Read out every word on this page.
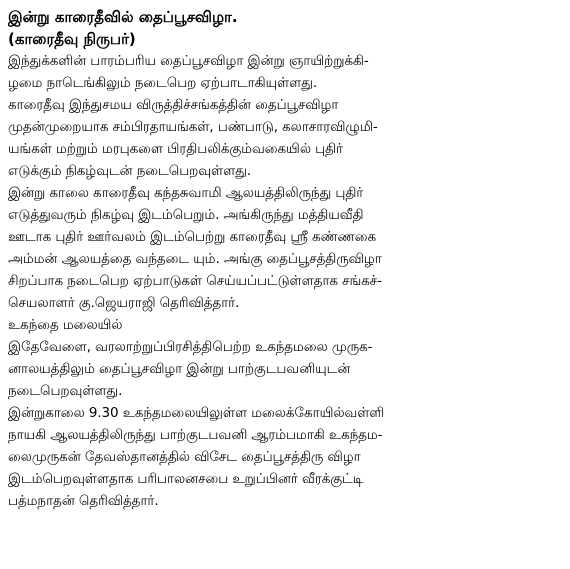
இன்று காரைதீவில் தைப்பூசவிழா.
(காரைதீவு நிருபர்)
இந்துக்களின் பாரம்பரிய தைப்பூசவிழா இன்று ஞாயிற்றுக்கி-
ழமை நாடெங்கிலும் நடைபெற ஏற்பாடாகியுள்ளது.
காரைதீவு இந்துசமய விருத்திச்சங்கத்தின் தைப்பூசவிழா
முதன்முறையாக சம்பிரதாயங்கள், பண்பாடு, கலாசாரவிழுமி-
யங்கள் மற்றும் மரபுகளை பிரதிபலிக்கும்வகையில் புதிர்
எடுக்கும் நிகழ்வுடன் நடைபெறவுள்ளது.
இன்று காலை காரைதீவு கந்தசுவாமி ஆலயத்திலிருந்து புதிர்
எடுத்துவரும் நிகழ்வு இடம்பெறும். அங்கிருந்து மத்தியவீதி
ஊடாக புதிர் ஊர்வலம் இடம்பெற்று காரைதீவு ஸ்ரீ கண்ணகை
அம்மன் ஆலயத்தை வந்தடை யும். அங்கு தைப்பூசத்திருவிழா
சிறப்பாக நடைபெற ஏற்பாடுகள் செய்யப்பட்டுள்ளதாக சங்கச்-
செயலாளர் கு.ஜெயராஜி தெரிவித்தார்.
உகந்தை மலையில்
இதேவேளை, வரலாற்றுப்பிரசித்திபெற்ற உகந்தமலை முருக-
னாலயத்திலும் தைப்பூசவிழா இன்று பாற்குடபவனியுடன்
நடைபெறவுள்ளது.
இன்றுகாலை 9.30 உகந்தமலையிலுள்ள மலைக்கோயில்வள்ளி
நாயகி ஆலயத்திலிருந்து பாற்குடபவனி ஆரம்பமாகி உகந்தம-
லைமுருகன் தேவஸ்தானத்தில் விசேட தைப்பூசத்திரு விழா
இடம்பெறவுள்ளதாக பரிபாலனசபை உறுப்பினர் வீரக்குட்டி
பத்மநாதன் தெரிவித்தார்.
